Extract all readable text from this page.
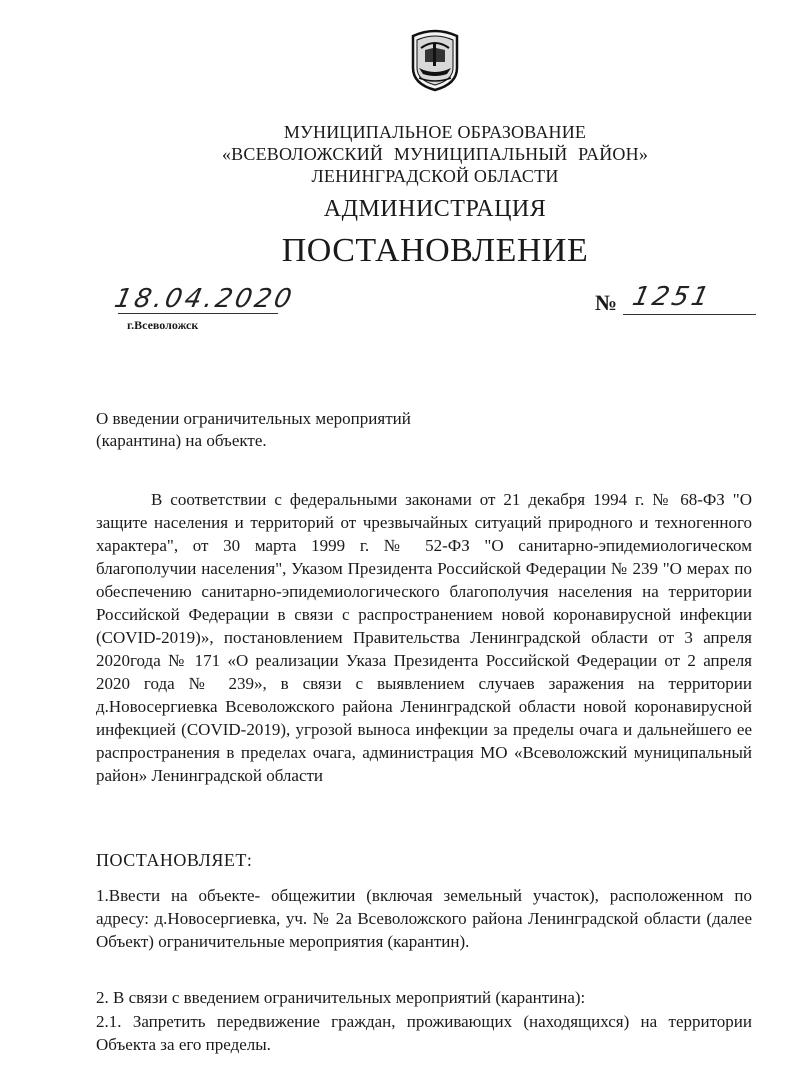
МУНИЦИПАЛЬНОЕ ОБРАЗОВАНИЕ
«ВСЕВОЛОЖСКИЙ МУНИЦИПАЛЬНЫЙ РАЙОН»
ЛЕНИНГРАДСКОЙ ОБЛАСТИ
АДМИНИСТРАЦИЯ
ПОСТАНОВЛЕНИЕ
18.04.2020
г.Всеволожск
№ 1251
О введении ограничительных мероприятий
(карантина) на объекте.
В соответствии с федеральными законами от 21 декабря 1994 г. № 68-ФЗ "О защите населения и территорий от чрезвычайных ситуаций природного и техногенного характера", от 30 марта 1999 г. № 52-ФЗ "О санитарно-эпидемиологическом благополучии населения", Указом Президента Российской Федерации № 239 "О мерах по обеспечению санитарно-эпидемиологического благополучия населения на территории Российской Федерации в связи с распространением новой коронавирусной инфекции (COVID-2019)», постановлением Правительства Ленинградской области от 3 апреля 2020года № 171 «О реализации Указа Президента Российской Федерации от 2 апреля 2020 года № 239», в связи с выявлением случаев заражения на территории д.Новосергиевка Всеволожского района Ленинградской области новой коронавирусной инфекцией (COVID-2019), угрозой выноса инфекции за пределы очага и дальнейшего ее распространения в пределах очага, администрация МО «Всеволожский муниципальный район» Ленинградской области
ПОСТАНОВЛЯЕТ:
1.Ввести на объекте- общежитии (включая земельный участок), расположенном по адресу: д.Новосергиевка, уч. № 2а Всеволожского района Ленинградской области (далее Объект) ограничительные мероприятия (карантин).
2. В связи с введением ограничительных мероприятий (карантина):
2.1. Запретить передвижение граждан, проживающих (находящихся) на территории Объекта за его пределы.
